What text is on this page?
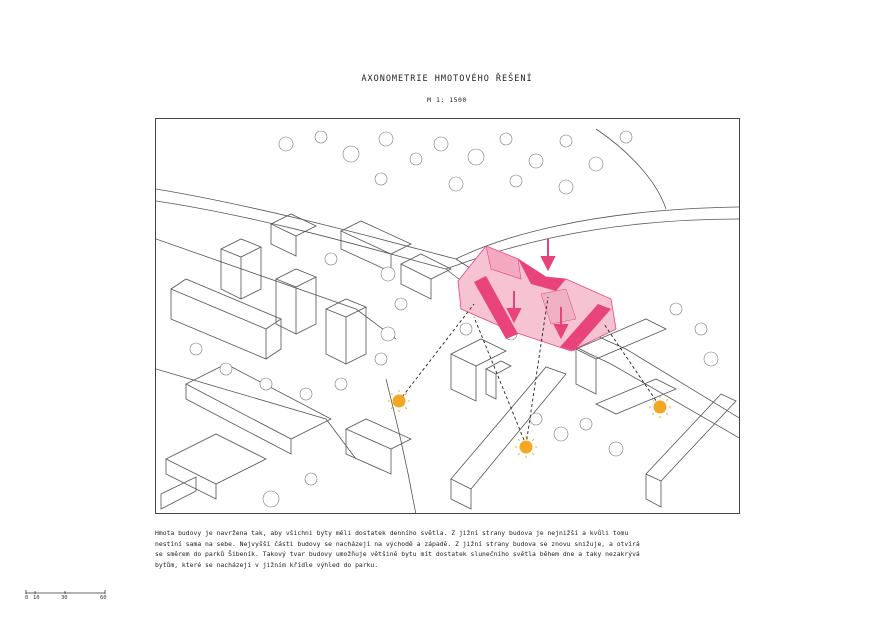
AXONOMETRIE HMOTOVÉHO ŘEŠENÍ
M 1: 1500

Hmota budovy je navržena tak, aby všichni byty měli dostatek denního světla. Z jižní strany budova je nejnižší a kvůli tomu

nestíní sama na sebe. Nejvyšší části budovy se nacházejí na východě a západě. Z jižní strany budova se znovu snižuje, a otvírá

se směrem do parků Šibeník. Takový tvar budovy umožňuje většině bytu mít dostatek slunečního světla během dne a taky nezakrývá

bytům, které se nacházejí v jižním křídle výhled do parku.

0 10	30	60
